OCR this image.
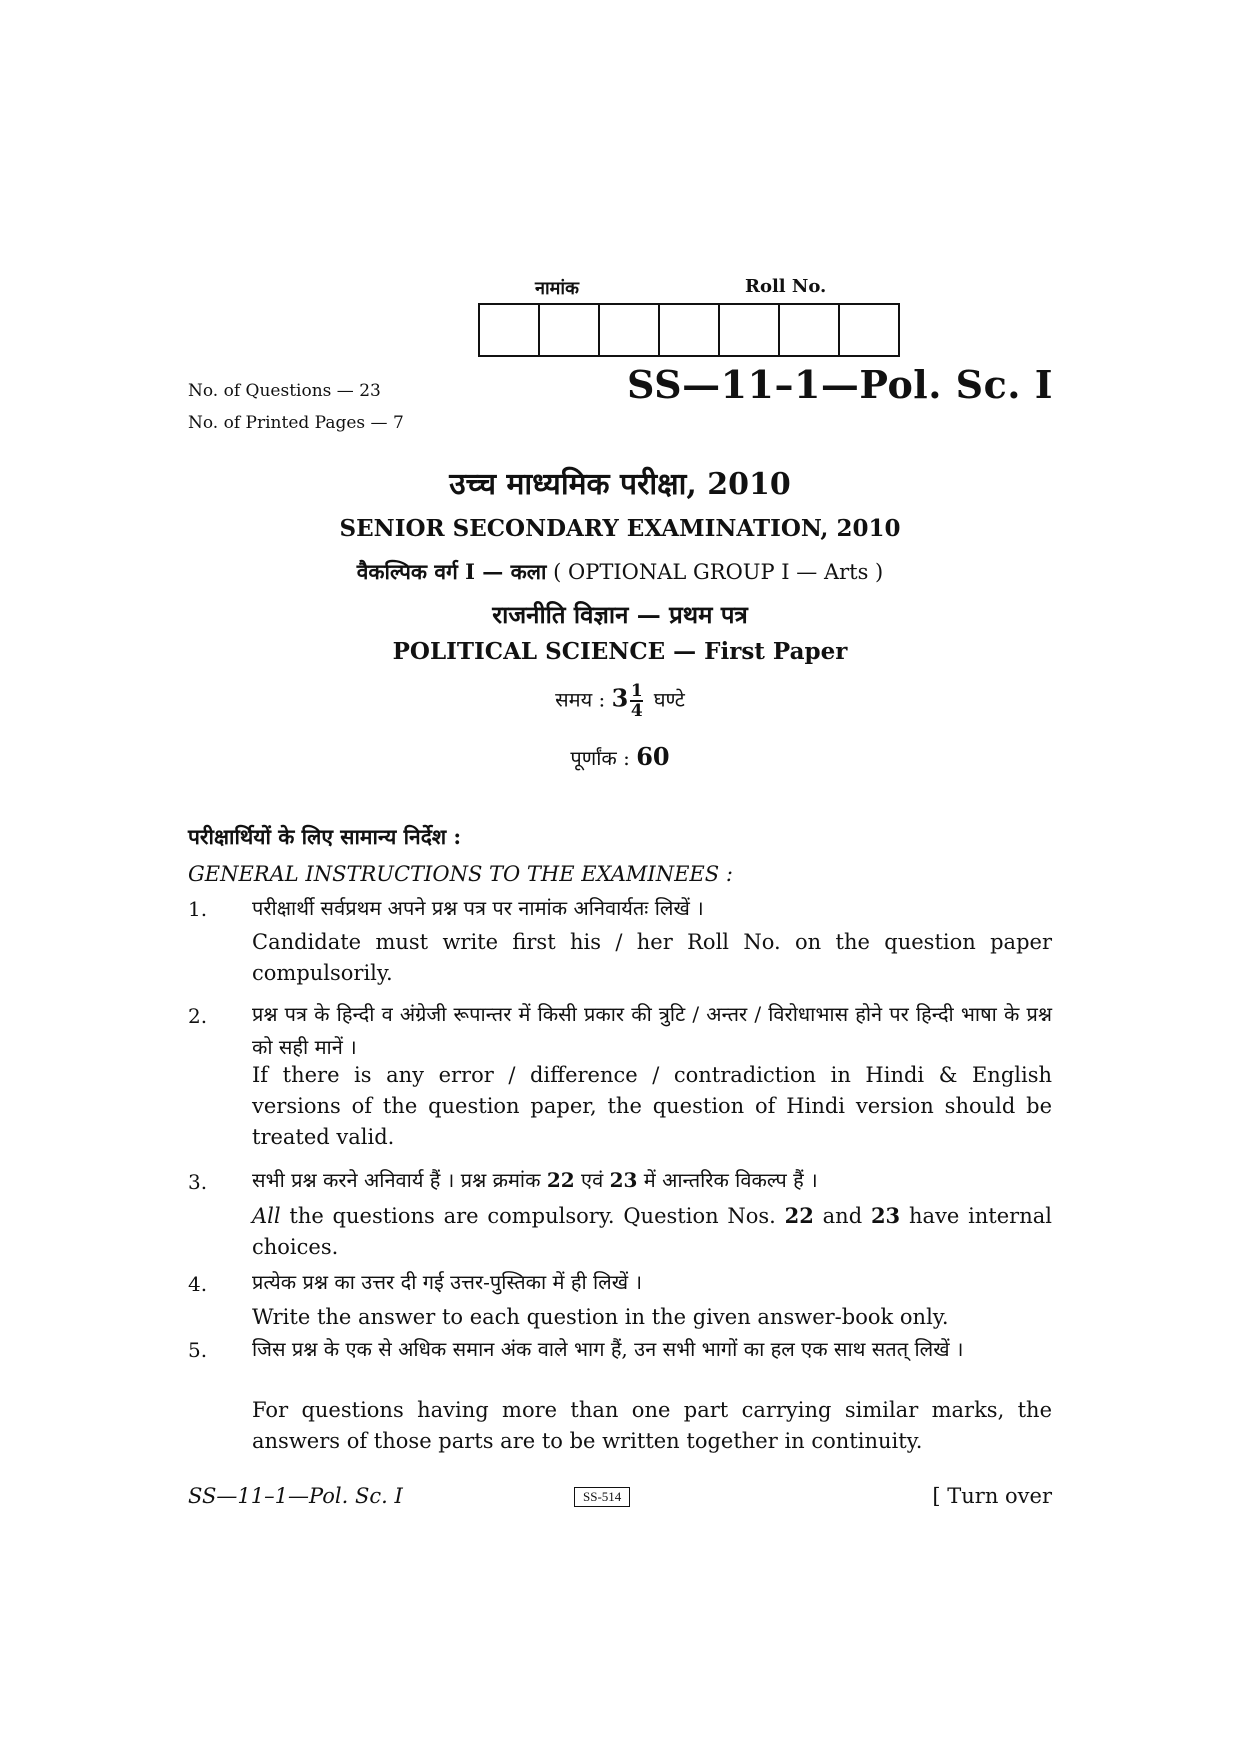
नामांक	Roll No.
No. of Questions — 23
No. of Printed Pages — 7
SS—11–1—Pol. Sc. I
उच्च माध्यमिक परीक्षा, 2010
SENIOR SECONDARY EXAMINATION, 2010
वैकल्पिक वर्ग I — कला ( OPTIONAL GROUP I — Arts )
राजनीति विज्ञान — प्रथम पत्र
POLITICAL SCIENCE — First Paper
समय : $3 \frac{1}{4}$ घण्टे
पूर्णांक : 60
परीक्षार्थियों के लिए सामान्य निर्देश :
GENERAL INSTRUCTIONS TO THE EXAMINEES :
1. परीक्षार्थी सर्वप्रथम अपने प्रश्न पत्र पर नामांक अनिवार्यतः लिखें ।
Candidate must write first his / her Roll No. on the question paper compulsorily.
2. प्रश्न पत्र के हिन्दी व अंग्रेजी रूपान्तर में किसी प्रकार की त्रुटि / अन्तर / विरोधाभास होने पर हिन्दी भाषा के प्रश्न को सही मानें ।
If there is any error / difference / contradiction in Hindi & English versions of the question paper, the question of Hindi version should be treated valid.
3. सभी प्रश्न करने अनिवार्य हैं । प्रश्न क्रमांक 22 एवं 23 में आन्तरिक विकल्प हैं ।
All the questions are compulsory. Question Nos. 22 and 23 have internal choices.
4. प्रत्येक प्रश्न का उत्तर दी गई उत्तर-पुस्तिका में ही लिखें ।
Write the answer to each question in the given answer-book only.
5. जिस प्रश्न के एक से अधिक समान अंक वाले भाग हैं, उन सभी भागों का हल एक साथ सतत् लिखें ।
For questions having more than one part carrying similar marks, the answers of those parts are to be written together in continuity.
SS—11–1—Pol. Sc. I	SS-514	[ Turn over
